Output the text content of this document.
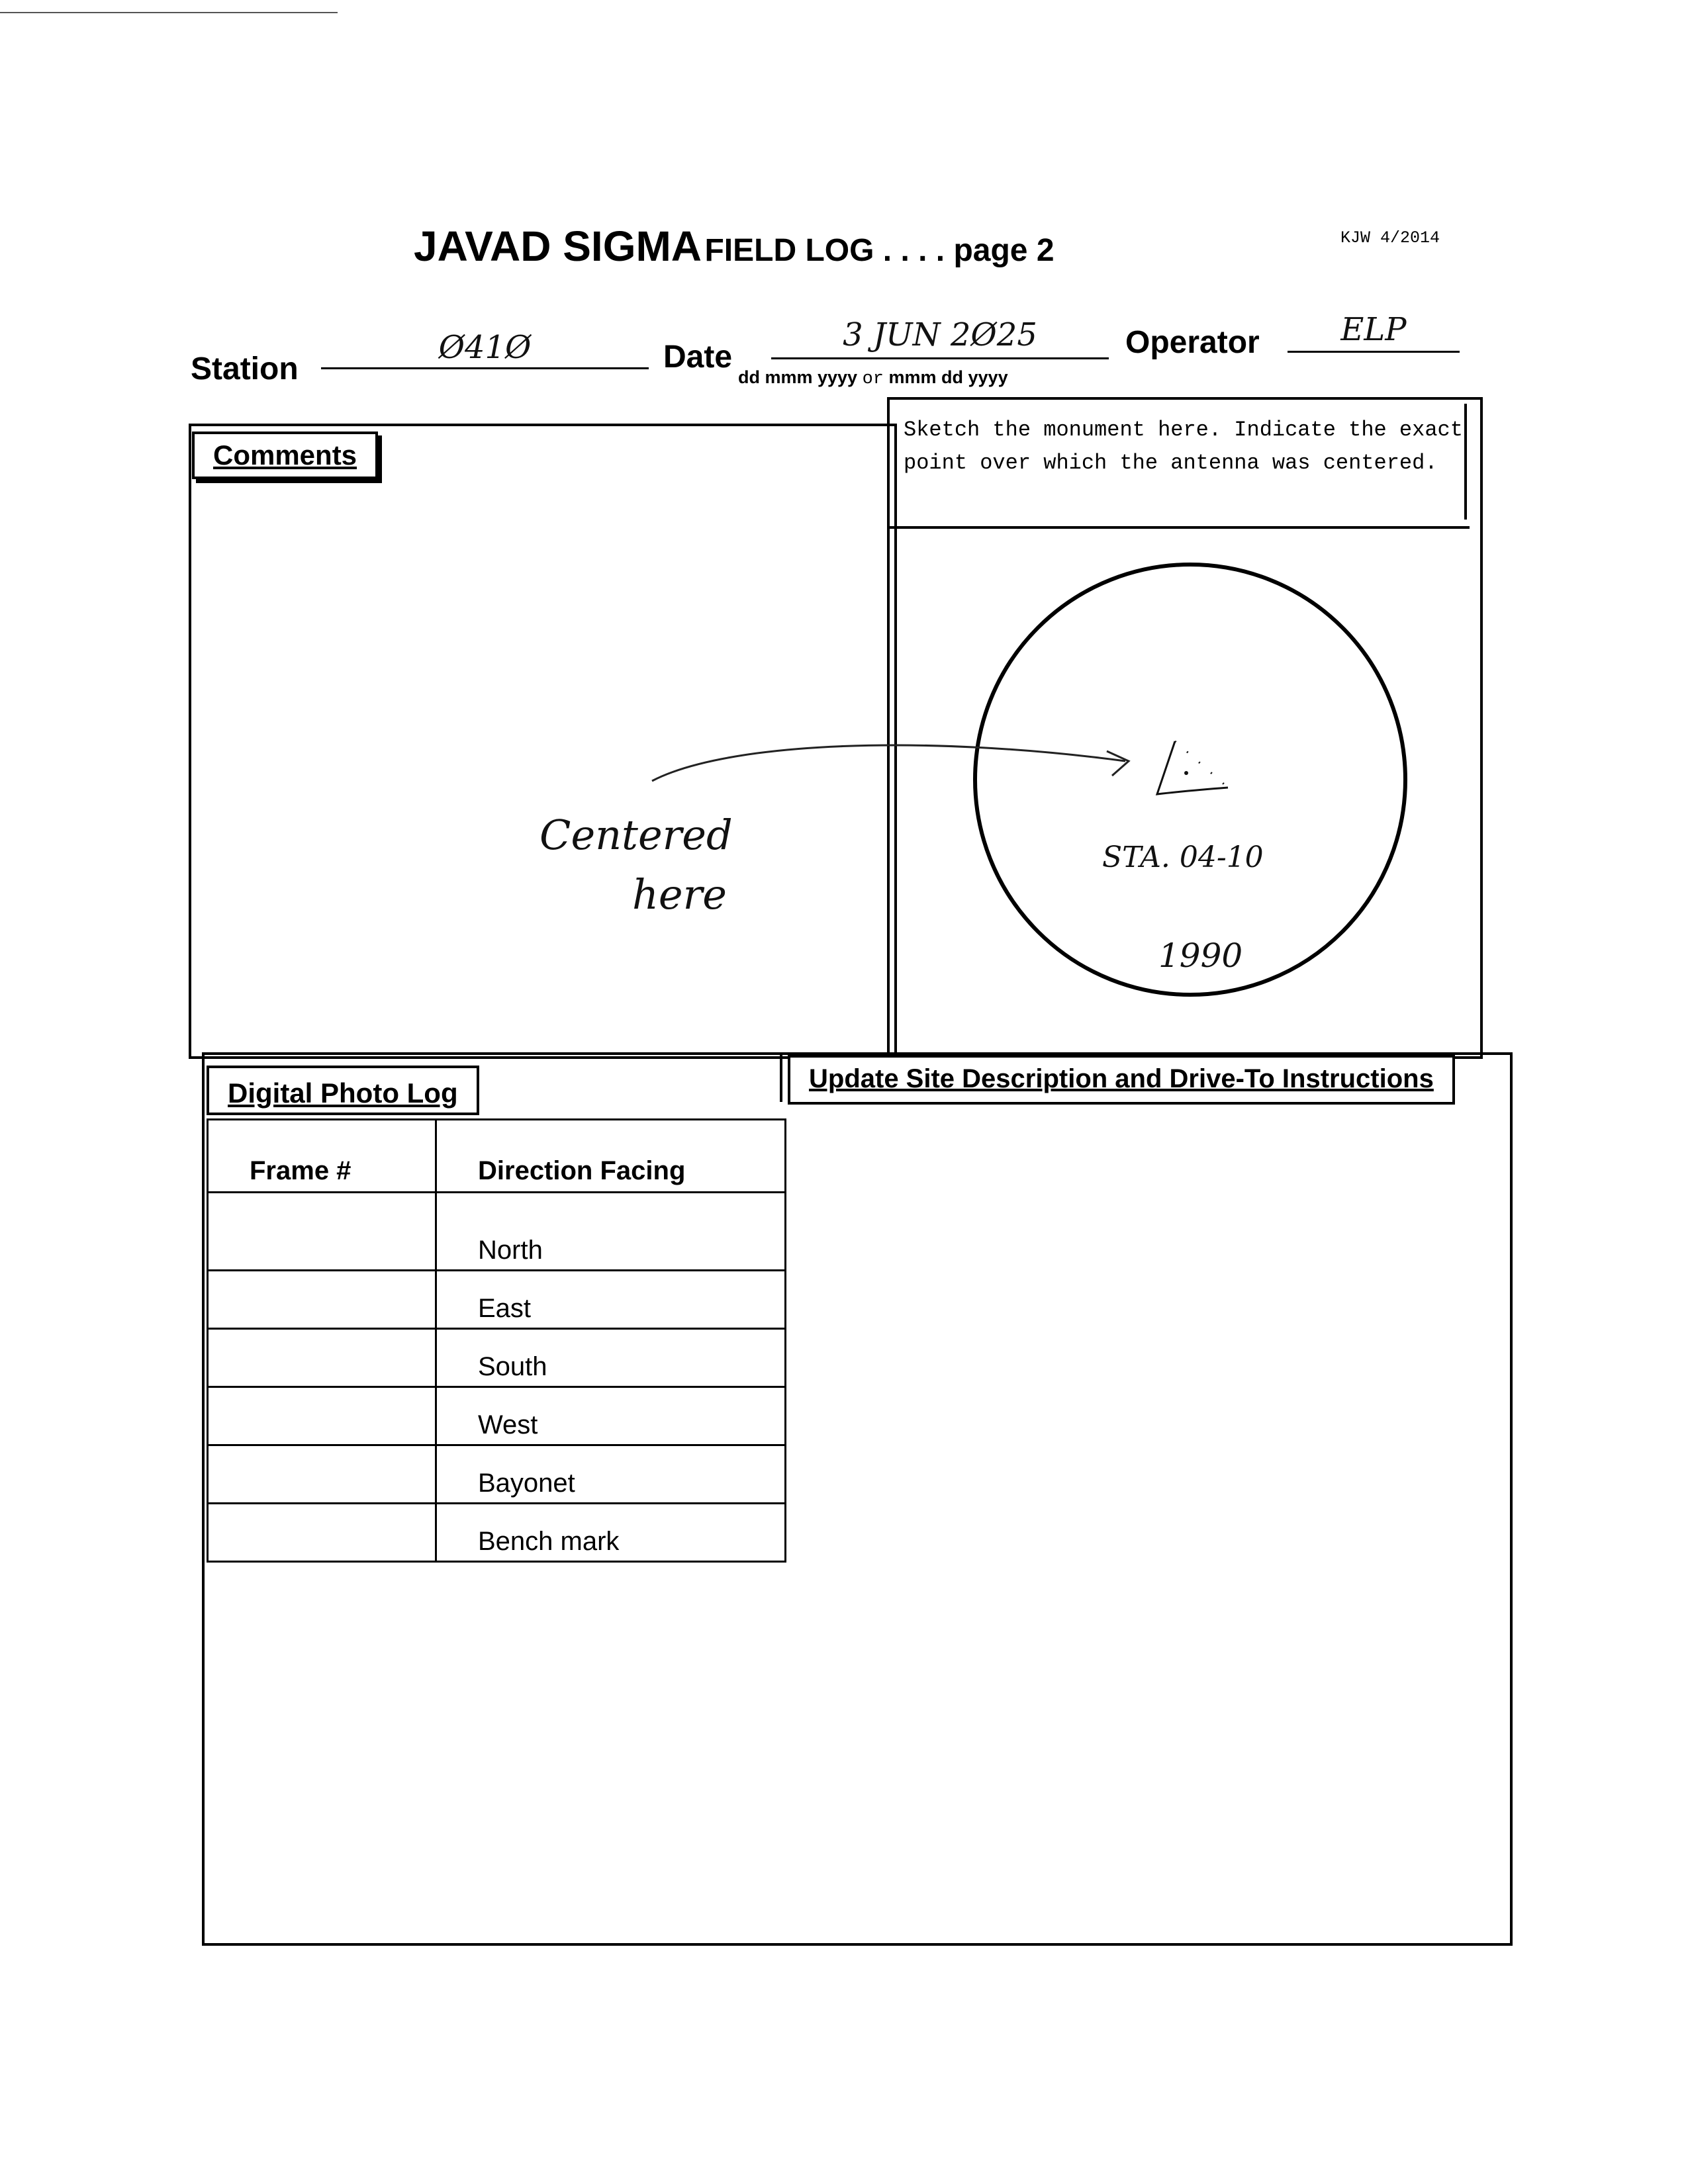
JAVAD SIGMA FIELD LOG . . . . page 2	KJW 4/2014
Station
Ø41Ø	Date
3 JUN 2Ø25
dd mmm yyyy or mmm dd yyyy
Operator	ELP
Comments
Sketch the monument here. Indicate the exact point over which the antenna was centered.
Centered
here
STA. 04-10
1990
Digital Photo Log	Update Site Description and Drive-To Instructions
Frame #	Direction Facing
	North
	East
	South
	West
	Bayonet
	Bench mark
